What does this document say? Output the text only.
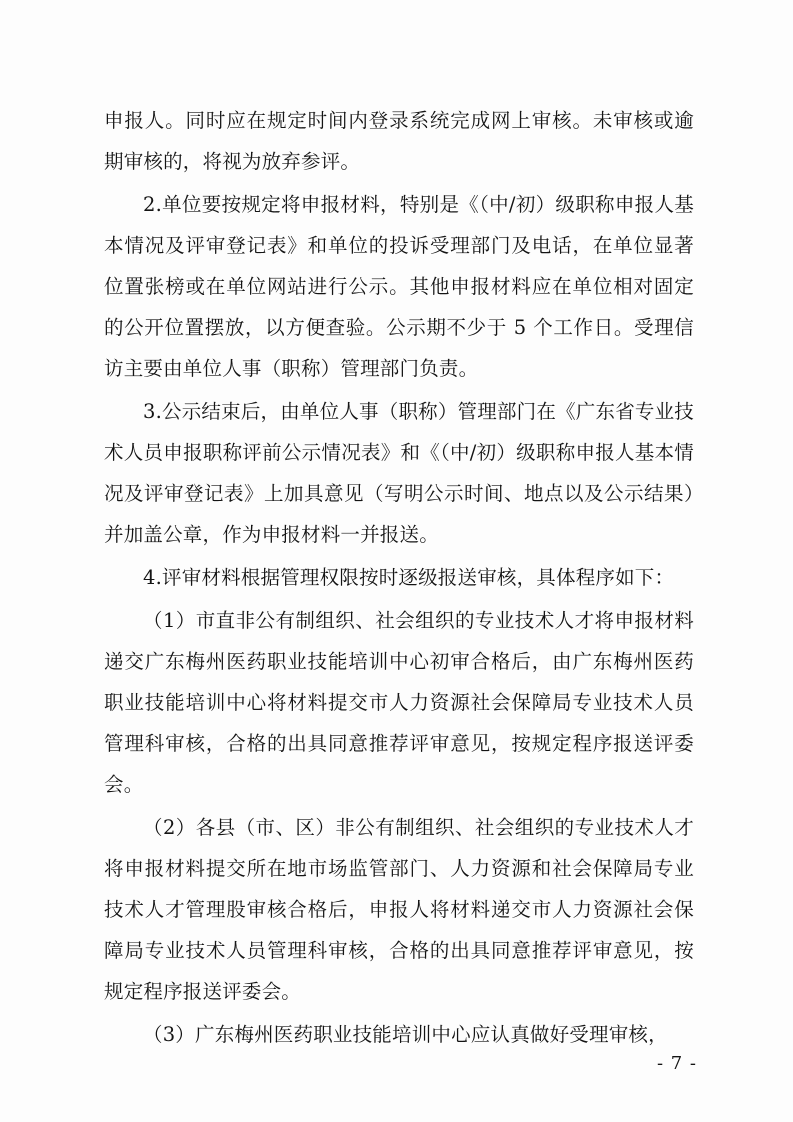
申报人。同时应在规定时间内登录系统完成网上审核。未审核或逾期审核的，将视为放弃参评。

2.单位要按规定将申报材料，特别是《（中/初）级职称申报人基本情况及评审登记表》和单位的投诉受理部门及电话，在单位显著位置张榜或在单位网站进行公示。其他申报材料应在单位相对固定的公开位置摆放，以方便查验。公示期不少于 5 个工作日。受理信访主要由单位人事（职称）管理部门负责。

3.公示结束后，由单位人事（职称）管理部门在《广东省专业技术人员申报职称评前公示情况表》和《（中/初）级职称申报人基本情况及评审登记表》上加具意见（写明公示时间、地点以及公示结果）并加盖公章，作为申报材料一并报送。

4.评审材料根据管理权限按时逐级报送审核，具体程序如下：

（1）市直非公有制组织、社会组织的专业技术人才将申报材料递交广东梅州医药职业技能培训中心初审合格后，由广东梅州医药职业技能培训中心将材料提交市人力资源社会保障局专业技术人员管理科审核，合格的出具同意推荐评审意见，按规定程序报送评委会。

（2）各县（市、区）非公有制组织、社会组织的专业技术人才将申报材料提交所在地市场监管部门、人力资源和社会保障局专业技术人才管理股审核合格后，申报人将材料递交市人力资源社会保障局专业技术人员管理科审核，合格的出具同意推荐评审意见，按规定程序报送评委会。

（3）广东梅州医药职业技能培训中心应认真做好受理审核，

- 7 -
